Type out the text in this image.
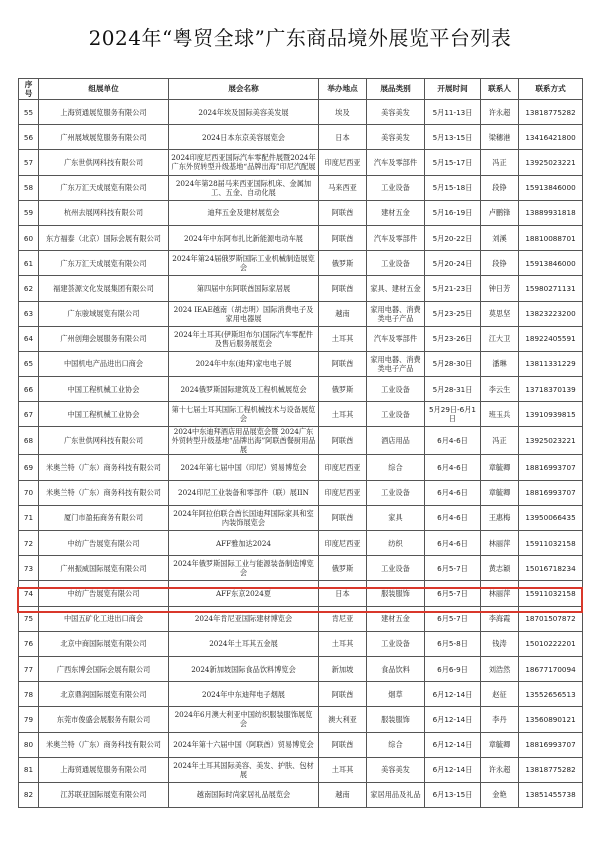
2024年“粤贸全球”广东商品境外展览平台列表
序号	组展单位	展会名称	举办地点	展品类别	开展时间	联系人	联系方式
55	上海贸通展览服务有限公司	2024年埃及国际美容美发展	埃及	美容美发	5月11-13日	许永超	13818775282
56	广州展域展览服务有限公司	2024日本东京美容展览会	日本	美容美发	5月13-15日	梁穗港	13416421800
57	广东世供网科技有限公司	2024印度尼西亚国际汽车零配件展暨2024年广东外贸转型升级基地“品牌出海”印尼汽配展	印度尼西亚	汽车及零部件	5月15-17日	冯正	13925023221
58	广东万汇天成展览有限公司	2024年第28届马来西亚国际机床、金属加工、五金、自动化展	马来西亚	工业设备	5月15-18日	段铮	15913846000
59	杭州去展网科技有限公司	迪拜五金及建材展览会	阿联酋	建材五金	5月16-19日	卢鹏锋	13889931818
60	东方福泰（北京）国际会展有限公司	2024年中东阿布扎比新能源电动车展	阿联酋	汽车及零部件	5月20-22日	刘溪	18810088701
61	广东万汇天成展览有限公司	2024年第24届俄罗斯国际工业机械制造展览会	俄罗斯	工业设备	5月20-24日	段铮	15913846000
62	福建荟源文化发展集团有限公司	第四届中东阿联酋国际家居展	阿联酋	家具、建材五金	5月21-23日	钟日芳	15980271131
63	广东骏域展览有限公司	2024 IEAE越南（胡志明）国际消费电子及家用电器展	越南	家用电器、消费类电子产品	5月23-25日	莫思坚	13823223200
64	广州创翔会展服务有限公司	2024年土耳其(伊斯坦布尔)国际汽车零配件及售后服务展览会	土耳其	汽车及零部件	5月23-26日	江大卫	18922405591
65	中国机电产品进出口商会	2024年中东(迪拜)家电电子展	阿联酋	家用电器、消费类电子产品	5月28-30日	潘琳	13811331229
66	中国工程机械工业协会	2024俄罗斯国际建筑及工程机械展览会	俄罗斯	工业设备	5月28-31日	李云生	13718370139
67	中国工程机械工业协会	第十七届土耳其国际工程机械技术与设备展览会	土耳其	工业设备	5月29日-6月1日	班玉兵	13910939815
68	广东世供网科技有限公司	2024中东迪拜酒店用品展览会暨 2024广东外贸转型升级基地“品牌出海”阿联酋餐厨用品展	阿联酋	酒店用品	6月4-6日	冯正	13925023221
69	米奥兰特（广东）商务科技有限公司	2024年第七届中国（印尼）贸易博览会	印度尼西亚	综合	6月4-6日	章毓卿	18816993707
70	米奥兰特（广东）商务科技有限公司	2024印尼工业装备和零部件（联）展IIN	印度尼西亚	工业设备	6月4-6日	章毓卿	18816993707
71	厦门市盈拓商务有限公司	2024年阿拉伯联合酋长国迪拜国际家具和室内装饰展览会	阿联酋	家具	6月4-6日	王惠梅	13950066435
72	中纺广告展览有限公司	AFF雅加达2024	印度尼西亚	纺织	6月4-6日	林丽萍	15911032158
73	广州振威国际展览有限公司	2024年俄罗斯国际工业与能源装备制造博览会	俄罗斯	工业设备	6月5-7日	黄志颖	15016718234
74	中纺广告展览有限公司	AFF东京2024夏	日本	服装服饰	6月5-7日	林丽萍	15911032158
75	中国五矿化工进出口商会	2024年肯尼亚国际建材博览会	肯尼亚	建材五金	6月5-7日	李海霞	18701507872
76	北京中商国际展览有限公司	2024年土耳其五金展	土耳其	工业设备	6月5-8日	钱涛	15010222201
77	广西东博会国际会展有限公司	2024新加坡国际食品饮料博览会	新加坡	食品饮料	6月6-9日	刘浩然	18677170094
78	北京鼎润国际展览有限公司	2024年中东迪拜电子烟展	阿联酋	烟草	6月12-14日	赵征	13552656513
79	东莞市俊盛会展服务有限公司	2024年6月澳大利亚中国纺织服装服饰展览会	澳大利亚	服装服饰	6月12-14日	李丹	13560890121
80	米奥兰特（广东）商务科技有限公司	2024年第十六届中国（阿联酋）贸易博览会	阿联酋	综合	6月12-14日	章毓卿	18816993707
81	上海贸通展览服务有限公司	2024年土耳其国际美容、美发、护肤、包材展	土耳其	美容美发	6月12-14日	许永超	13818775282
82	江苏联亚国际展览有限公司	越南国际时尚家居礼品展览会	越南	家居用品及礼品	6月13-15日	金艳	13851455738
